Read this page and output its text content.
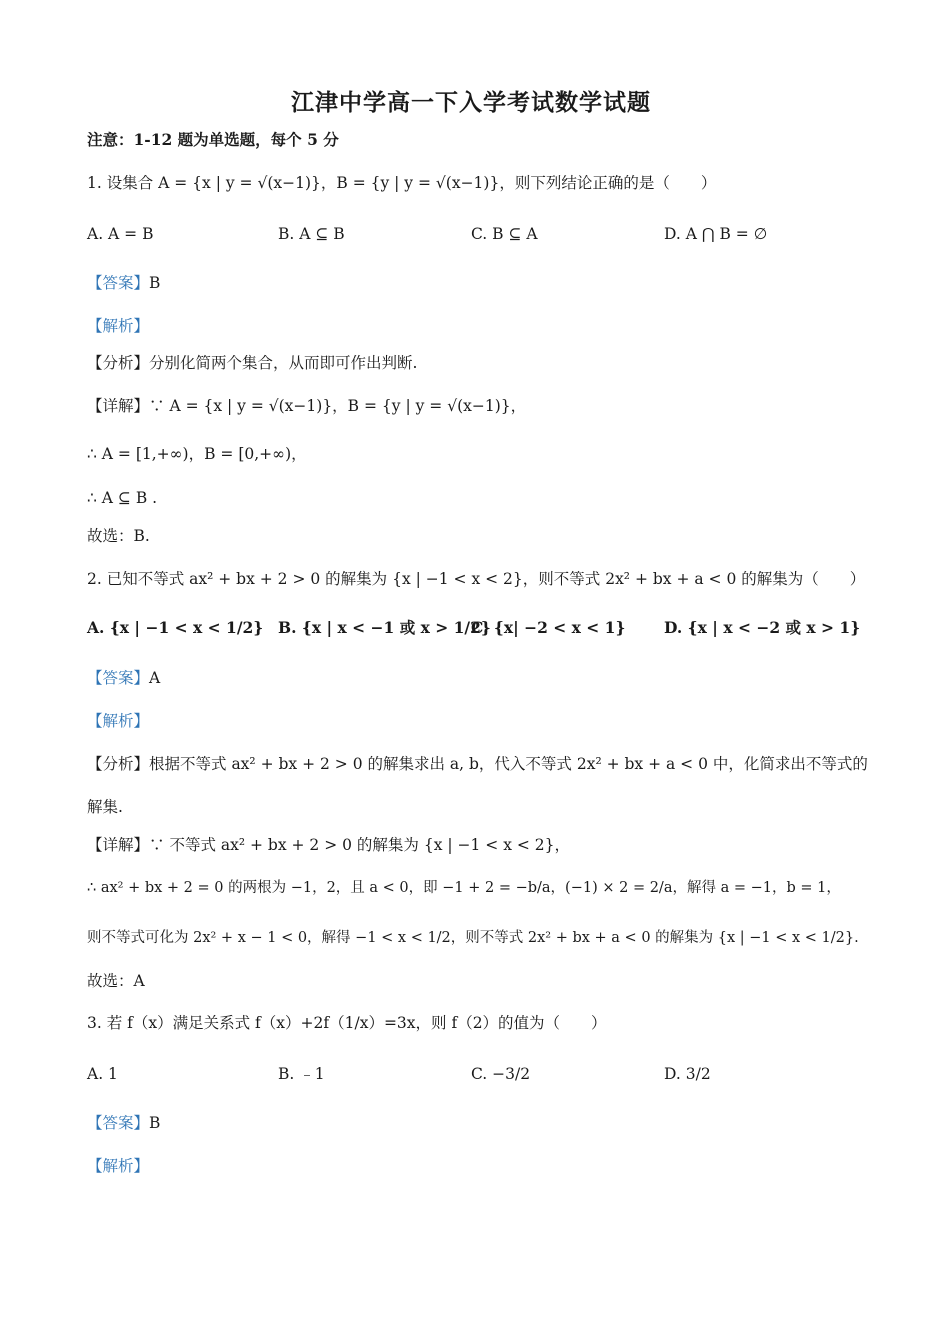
江津中学高一下入学考试数学试题
注意：1-12 题为单选题，每个 5 分
1. 设集合 A = {x | y = √(x−1)}，B = {y | y = √(x−1)}，则下列结论正确的是（　　）
A. A = B	B. A ⊆ B	C. B ⊆ A	D. A ⋂ B = ∅
【答案】B
【解析】
【分析】分别化简两个集合，从而即可作出判断.
【详解】∵ A = {x | y = √(x−1)}，B = {y | y = √(x−1)}，
∴ A = [1,+∞)，B = [0,+∞)，
∴ A ⊆ B .
故选：B.
2. 已知不等式 ax² + bx + 2 > 0 的解集为 {x | −1 < x < 2}，则不等式 2x² + bx + a < 0 的解集为（　　）
A. {x | −1 < x < 1/2} B. {x | x < −1 或 x > 1/2}
C. {x| −2 < x < 1} D. {x | x < −2 或 x > 1}
【答案】A
【解析】
【分析】根据不等式 ax² + bx + 2 > 0 的解集求出 a, b，代入不等式 2x² + bx + a < 0 中，化简求出不等式的
解集.
【详解】∵ 不等式 ax² + bx + 2 > 0 的解集为 {x | −1 < x < 2}，
∴ ax² + bx + 2 = 0 的两根为 −1，2，且 a < 0，即 −1 + 2 = −b/a，(−1) × 2 = 2/a，解得 a = −1，b = 1，
则不等式可化为 2x² + x − 1 < 0，解得 −1 < x < 1/2，则不等式 2x² + bx + a < 0 的解集为 {x | −1 < x < 1/2}.
故选：A
3. 若 f（x）满足关系式 f（x）+2f（1/x）=3x，则 f（2）的值为（　　）
A. 1	B. ﹣1	C. −3/2	D. 3/2
【答案】B
【解析】
